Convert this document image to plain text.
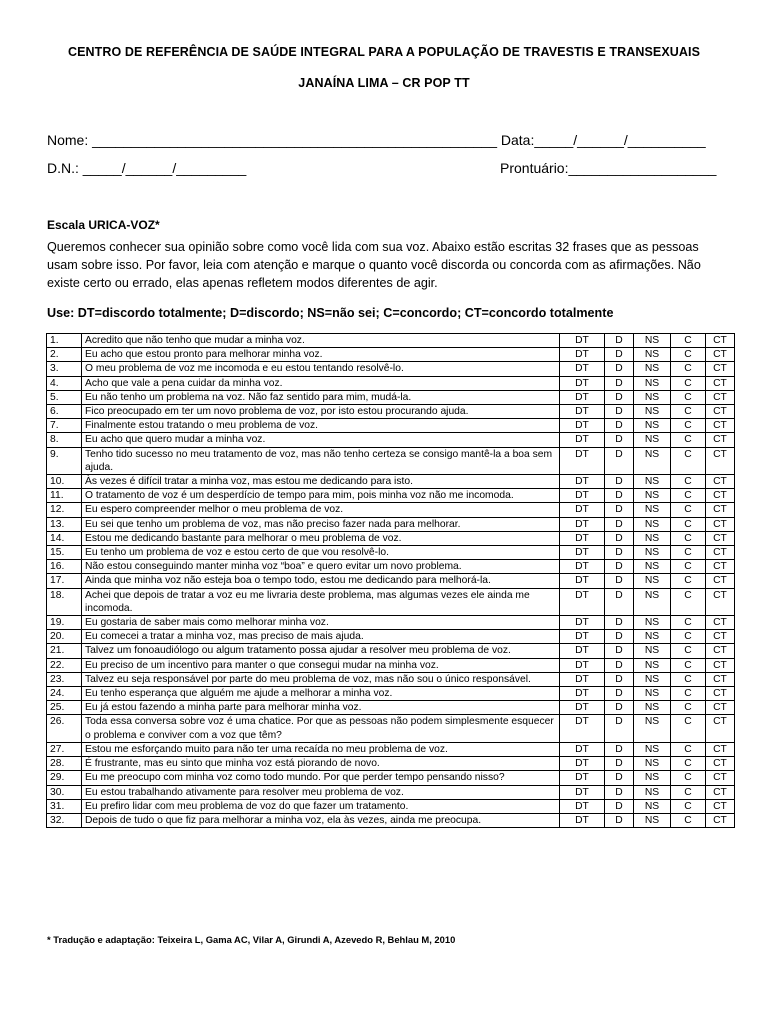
CENTRO DE REFERÊNCIA DE SAÚDE INTEGRAL PARA A POPULAÇÃO DE TRAVESTIS E TRANSEXUAIS
JANAÍNA LIMA – CR POP TT
Nome: ____________________________________________________ Data:_____/______/__________
D.N.: _____/______/_________	Prontuário:___________________
Escala URICA-VOZ*
Queremos conhecer sua opinião sobre como você lida com sua voz. Abaixo estão escritas 32 frases que as pessoas usam sobre isso. Por favor, leia com atenção e marque o quanto você discorda ou concorda com as afirmações. Não existe certo ou errado, elas apenas refletem modos diferentes de agir.
Use: DT=discordo totalmente; D=discordo; NS=não sei; C=concordo; CT=concordo totalmente
1.	Acredito que não tenho que mudar a minha voz.	DT	D	NS	C	CT
2.	Eu acho que estou pronto para melhorar minha voz.	DT	D	NS	C	CT
3.	O meu problema de voz me incomoda e eu estou tentando resolvê-lo.	DT	D	NS	C	CT
4.	Acho que vale a pena cuidar da minha voz.	DT	D	NS	C	CT
5.	Eu não tenho um problema na voz. Não faz sentido para mim, mudá-la.	DT	D	NS	C	CT
6.	Fico preocupado em ter um novo problema de voz, por isto estou procurando ajuda.	DT	D	NS	C	CT
7.	Finalmente estou tratando o meu problema de voz.	DT	D	NS	C	CT
8.	Eu acho que quero mudar a minha voz.	DT	D	NS	C	CT
9.	Tenho tido sucesso no meu tratamento de voz, mas não tenho certeza se consigo mantê-la a boa sem ajuda.	DT	D	NS	C	CT
10.	Às vezes é difícil tratar a minha voz, mas estou me dedicando para isto.	DT	D	NS	C	CT
11.	O tratamento de voz é um desperdício de tempo para mim, pois minha voz não me incomoda.	DT	D	NS	C	CT
12.	Eu espero compreender melhor o meu problema de voz.	DT	D	NS	C	CT
13.	Eu sei que tenho um problema de voz, mas não preciso fazer nada para melhorar.	DT	D	NS	C	CT
14.	Estou me dedicando bastante para melhorar o meu problema de voz.	DT	D	NS	C	CT
15.	Eu tenho um problema de voz e estou certo de que vou resolvê-lo.	DT	D	NS	C	CT
16.	Não estou conseguindo manter minha voz “boa” e quero evitar um novo problema.	DT	D	NS	C	CT
17.	Ainda que minha voz não esteja boa o tempo todo, estou me dedicando para melhorá-la.	DT	D	NS	C	CT
18.	Achei que depois de tratar a voz eu me livraria deste problema, mas algumas vezes ele ainda me incomoda.	DT	D	NS	C	CT
19.	Eu gostaria de saber mais como melhorar minha voz.	DT	D	NS	C	CT
20.	Eu comecei a tratar a minha voz, mas preciso de mais ajuda.	DT	D	NS	C	CT
21.	Talvez um fonoaudiólogo ou algum tratamento possa ajudar a resolver meu problema de voz.	DT	D	NS	C	CT
22.	Eu preciso de um incentivo para manter o que consegui mudar na minha voz.	DT	D	NS	C	CT
23.	Talvez eu seja responsável por parte do meu problema de voz, mas não sou o único responsável.	DT	D	NS	C	CT
24.	Eu tenho esperança que alguém me ajude a melhorar a minha voz.	DT	D	NS	C	CT
25.	Eu já estou fazendo a minha parte para melhorar minha voz.	DT	D	NS	C	CT
26.	Toda essa conversa sobre voz é uma chatice. Por que as pessoas não podem simplesmente esquecer o problema e conviver com a voz que têm?	DT	D	NS	C	CT
27.	Estou me esforçando muito para não ter uma recaída no meu problema de voz.	DT	D	NS	C	CT
28.	É frustrante, mas eu sinto que minha voz está piorando de novo.	DT	D	NS	C	CT
29.	Eu me preocupo com minha voz como todo mundo. Por que perder tempo pensando nisso?	DT	D	NS	C	CT
30.	Eu estou trabalhando ativamente para resolver meu problema de voz.	DT	D	NS	C	CT
31.	Eu prefiro lidar com meu problema de voz do que fazer um tratamento.	DT	D	NS	C	CT
32.	Depois de tudo o que fiz para melhorar a minha voz, ela às vezes, ainda me preocupa.	DT	D	NS	C	CT
* Tradução e adaptação: Teixeira L, Gama AC, Vilar A, Girundi A, Azevedo R, Behlau M, 2010
